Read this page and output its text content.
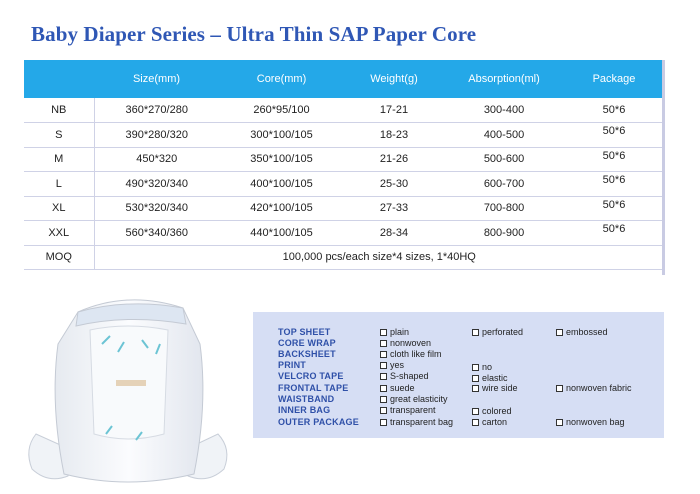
Baby Diaper Series – Ultra Thin SAP Paper Core
	Size(mm)	Core(mm)	Weight(g)	Absorption(ml)	Package
NB	360*270/280	260*95/100	17-21	300-400	50*6
S	390*280/320	300*100/105	18-23	400-500	50*6
M	450*320	350*100/105	21-26	500-600	50*6
L	490*320/340	400*100/105	25-30	600-700	50*6
XL	530*320/340	420*100/105	27-33	700-800	50*6
XXL	560*340/360	440*100/105	28-34	800-900	50*6
MOQ	100,000 pcs/each size*4 sizes, 1*40HQ				
TOP SHEET	plain	perforated	embossed
CORE WRAP	nonwoven
BACKSHEET	cloth like film
PRINT	yes	no
VELCRO TAPE	S-shaped	elastic
FRONTAL TAPE	suede	wire side	nonwoven fabric
WAISTBAND	great elasticity
INNER BAG	transparent	colored
OUTER PACKAGE	transparent bag	carton	nonwoven bag
